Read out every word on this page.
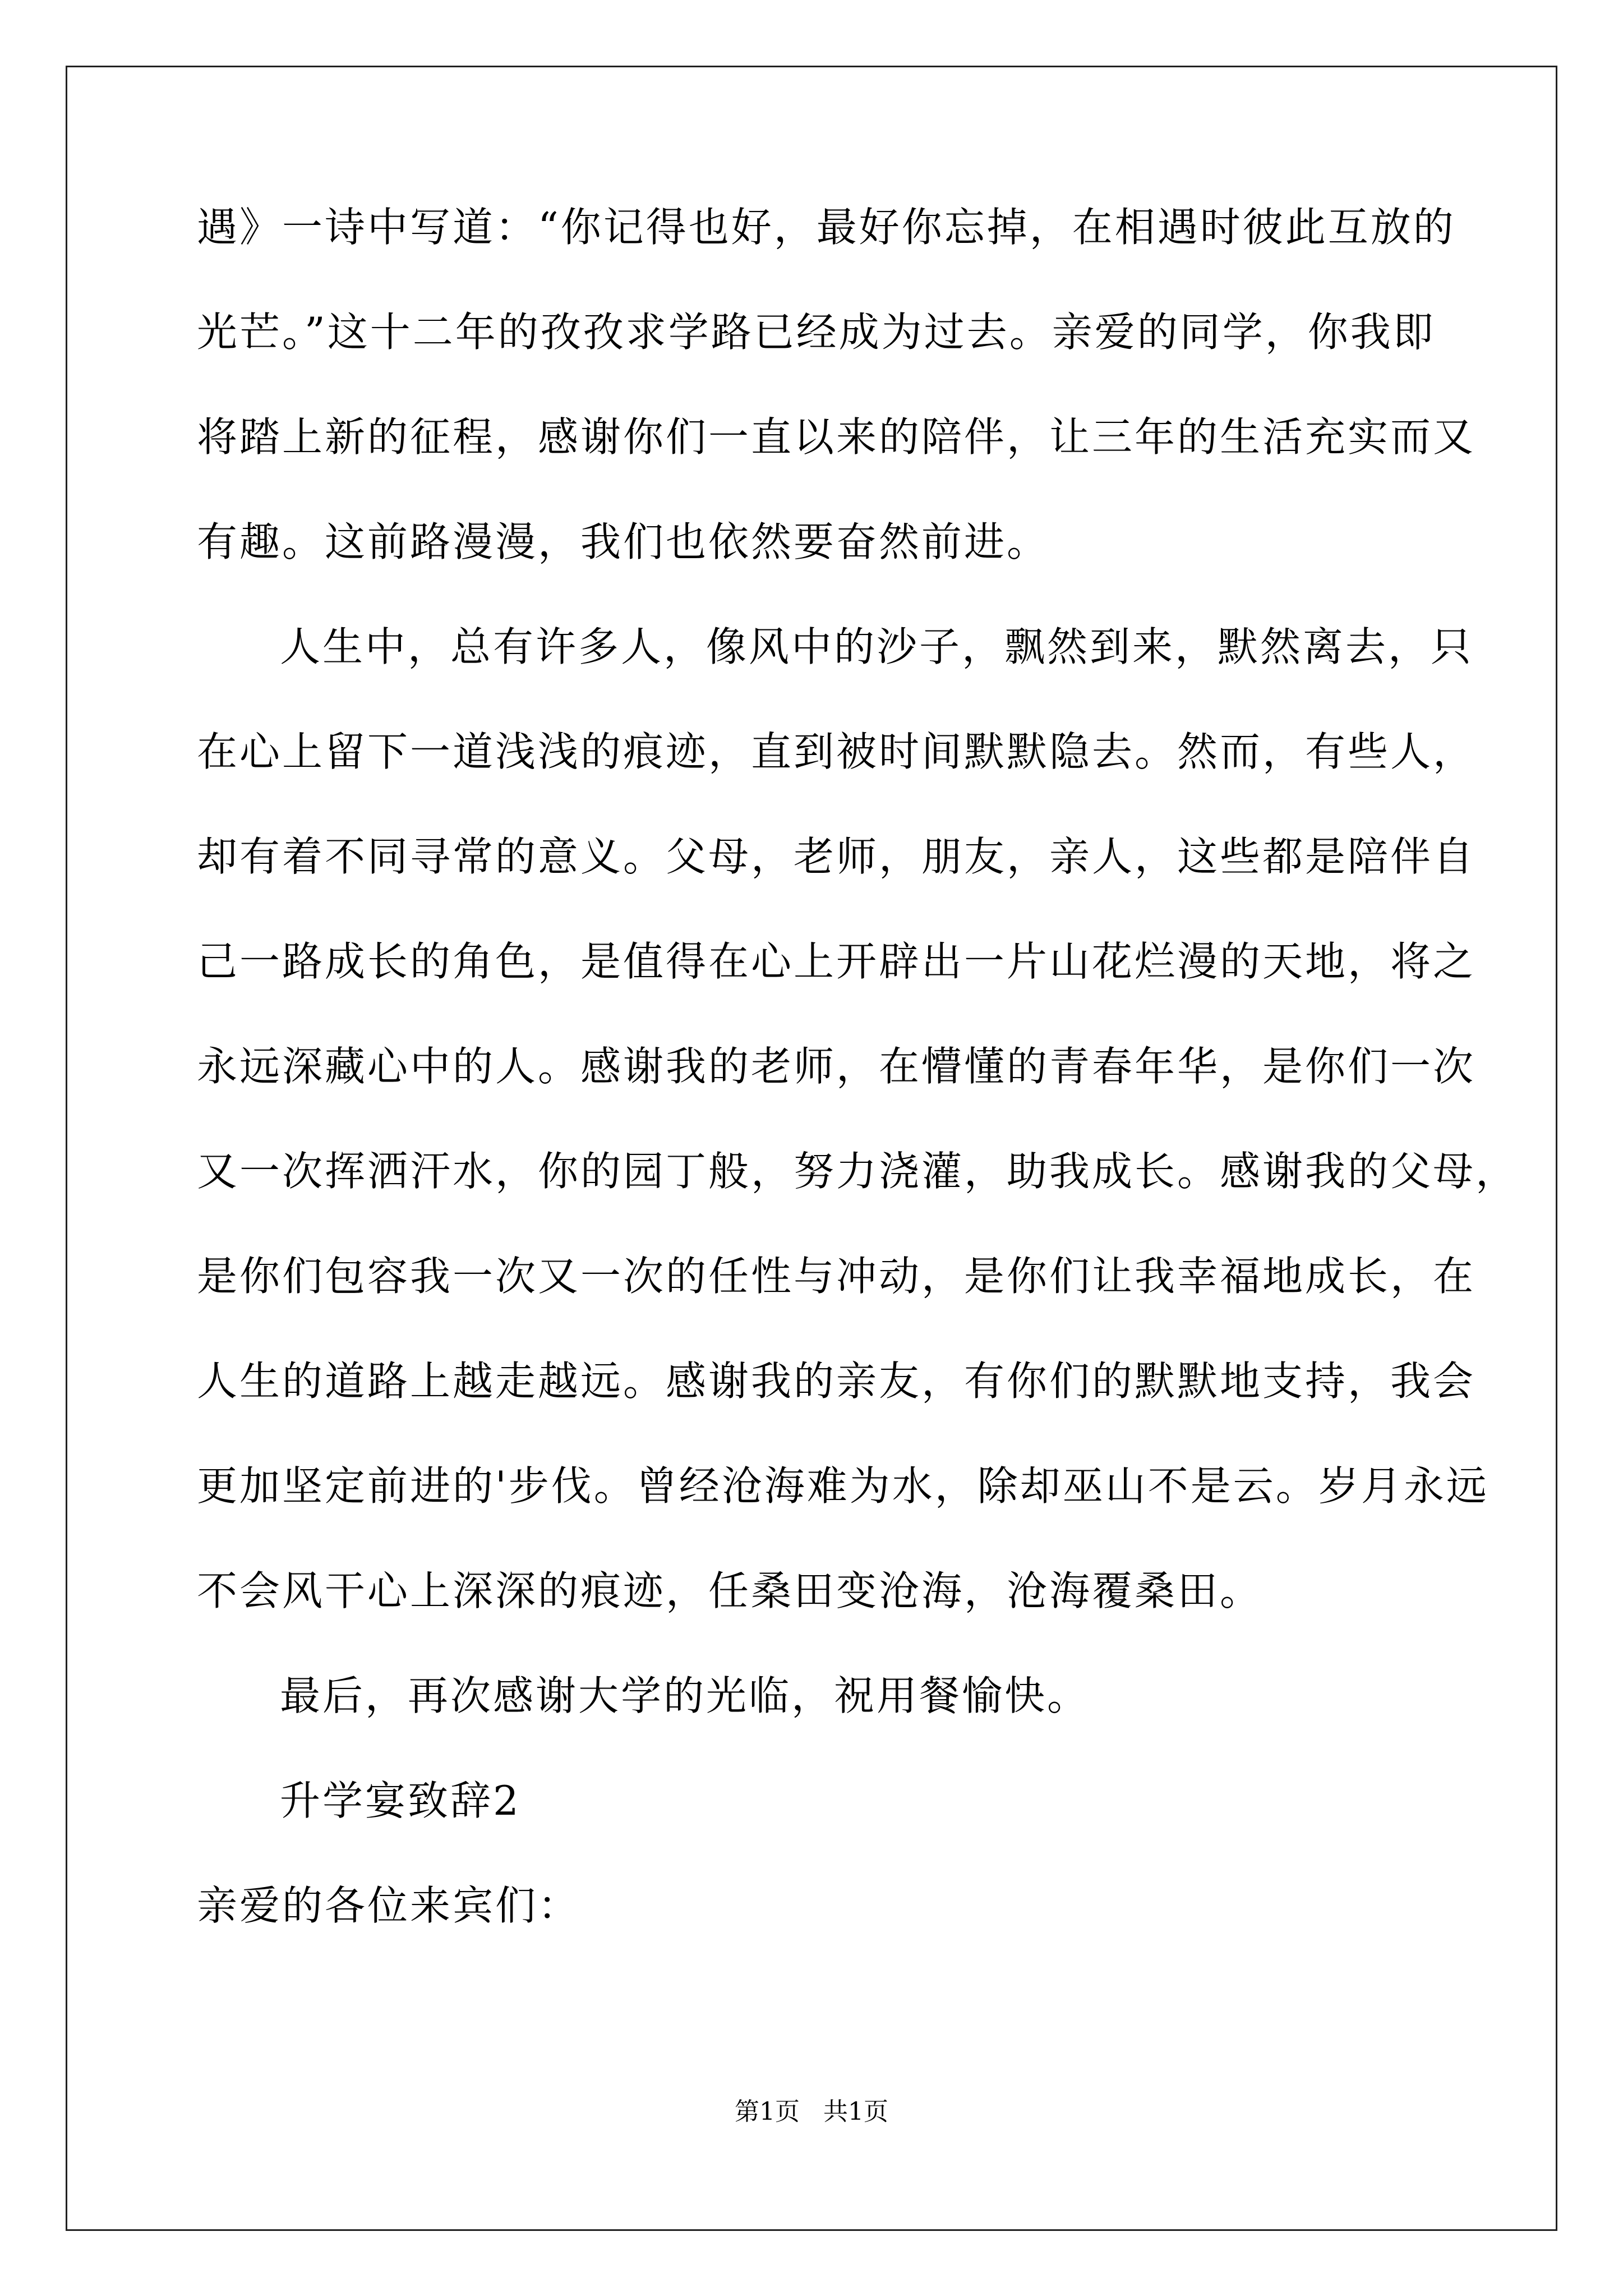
遇》一诗中写道：“你记得也好，最好你忘掉，在相遇时彼此互放的
光芒。”这十二年的孜孜求学路已经成为过去。亲爱的同学，你我即
将踏上新的征程，感谢你们一直以来的陪伴，让三年的生活充实而又
有趣。这前路漫漫，我们也依然要奋然前进。
人生中，总有许多人，像风中的沙子，飘然到来，默然离去，只
在心上留下一道浅浅的痕迹，直到被时间默默隐去。然而，有些人，
却有着不同寻常的意义。父母，老师，朋友，亲人，这些都是陪伴自
己一路成长的角色，是值得在心上开辟出一片山花烂漫的天地，将之
永远深藏心中的人。感谢我的老师，在懵懂的青春年华，是你们一次
又一次挥洒汗水，你的园丁般，努力浇灌，助我成长。感谢我的父母，
是你们包容我一次又一次的任性与冲动，是你们让我幸福地成长，在
人生的道路上越走越远。感谢我的亲友，有你们的默默地支持，我会
更加坚定前进的'步伐。曾经沧海难为水，除却巫山不是云。岁月永远
不会风干心上深深的痕迹，任桑田变沧海，沧海覆桑田。
最后，再次感谢大学的光临，祝用餐愉快。
升学宴致辞2
亲爱的各位来宾们：
第1页   共1页
